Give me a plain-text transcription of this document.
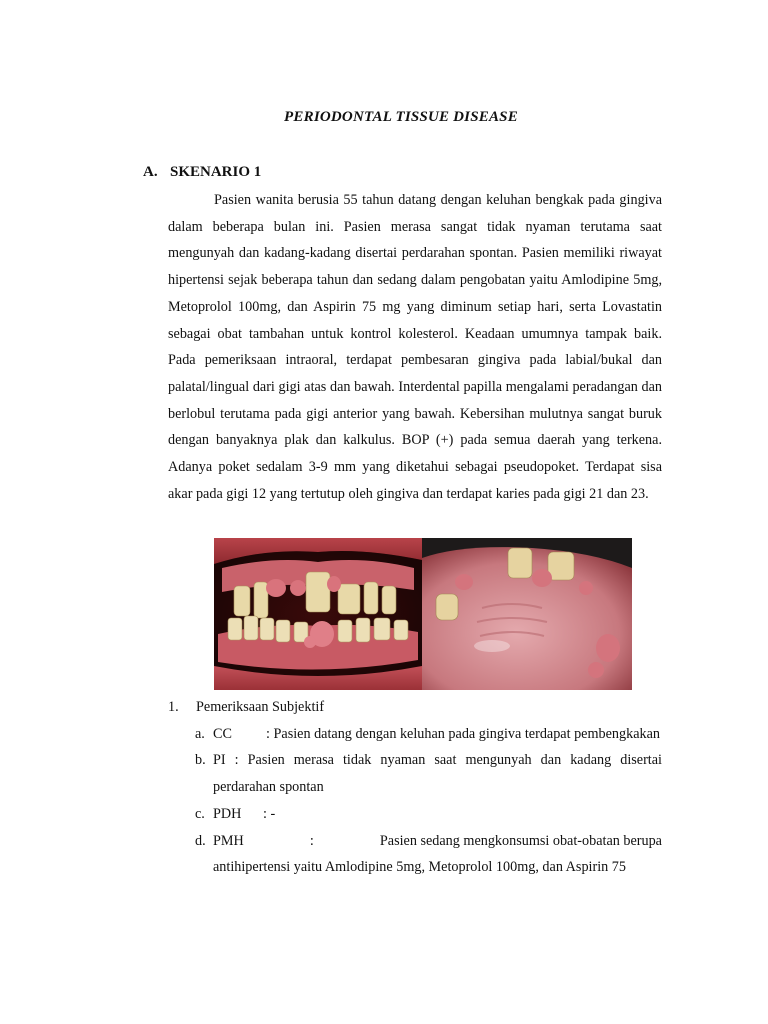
PERIODONTAL TISSUE DISEASE
A. SKENARIO 1

Pasien wanita berusia 55 tahun datang dengan keluhan bengkak pada gingiva dalam beberapa bulan ini. Pasien merasa sangat tidak nyaman terutama saat mengunyah dan kadang-kadang disertai perdarahan spontan. Pasien memiliki riwayat hipertensi sejak beberapa tahun dan sedang dalam pengobatan yaitu Amlodipine 5mg, Metoprolol 100mg, dan Aspirin 75 mg yang diminum setiap hari, serta Lovastatin sebagai obat tambahan untuk kontrol kolesterol. Keadaan umumnya tampak baik. Pada pemeriksaan intraoral, terdapat pembesaran gingiva pada labial/bukal dan palatal/lingual dari gigi atas dan bawah. Interdental papilla mengalami peradangan dan berlobul terutama pada gigi anterior yang bawah. Kebersihan mulutnya sangat buruk dengan banyaknya plak dan kalkulus. BOP (+) pada semua daerah yang terkena. Adanya poket sedalam 3-9 mm yang diketahui sebagai pseudopoket. Terdapat sisa akar pada gigi 12 yang tertutup oleh gingiva dan terdapat karies pada gigi 21 dan 23.

1. Pemeriksaan Subjektif
a. CC : Pasien datang dengan keluhan pada gingiva terdapat pembengkakan
b. PI : Pasien merasa tidak nyaman saat mengunyah dan kadang disertai perdarahan spontan
c. PDH : -
d. PMH	:	Pasien sedang mengkonsumsi obat-obatan berupa
antihipertensi yaitu Amlodipine 5mg, Metoprolol 100mg, dan Aspirin 75
